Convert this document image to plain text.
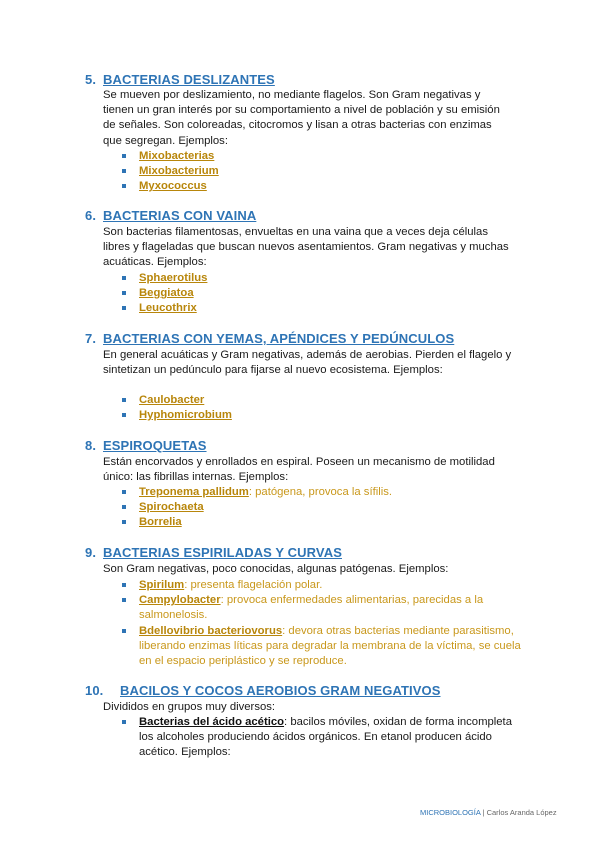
5. BACTERIAS DESLIZANTES

Se mueven por deslizamiento, no mediante flagelos. Son Gram negativas y tienen un gran interés por su comportamiento a nivel de población y su emisión de señales. Son coloreadas, citocromos y lisan a otras bacterias con enzimas que segregan. Ejemplos:

Mixobacterias
Mixobacterium
Myxococcus
6. BACTERIAS CON VAINA

Son bacterias filamentosas, envueltas en una vaina que a veces deja células libres y flageladas que buscan nuevos asentamientos. Gram negativas y muchas acuáticas. Ejemplos:

Sphaerotilus
Beggiatoa
Leucothrix
7. BACTERIAS CON YEMAS, APÉNDICES Y PEDÚNCULOS

En general acuáticas y Gram negativas, además de aerobias. Pierden el flagelo y sintetizan un pedúnculo para fijarse al nuevo ecosistema. Ejemplos:

Caulobacter
Hyphomicrobium
8. ESPIROQUETAS

Están encorvados y enrollados en espiral. Poseen un mecanismo de motilidad único: las fibrillas internas. Ejemplos:

Treponema pallidum: patógena, provoca la sífilis.
Spirochaeta
Borrelia
9. BACTERIAS ESPIRILADAS Y CURVAS

Son Gram negativas, poco conocidas, algunas patógenas. Ejemplos:

Spirilum: presenta flagelación polar.
Campylobacter: provoca enfermedades alimentarias, parecidas a la salmonelosis.
Bdellovibrio bacteriovorus: devora otras bacterias mediante parasitismo, liberando enzimas líticas para degradar la membrana de la víctima, se cuela en el espacio periplástico y se reproduce.
10. BACILOS Y COCOS AEROBIOS GRAM NEGATIVOS

Divididos en grupos muy diversos:

Bacterias del ácido acético: bacilos móviles, oxidan de forma incompleta los alcoholes produciendo ácidos orgánicos. En etanol producen ácido acético. Ejemplos:
MICROBIOLOGÍA | Carlos Aranda López
